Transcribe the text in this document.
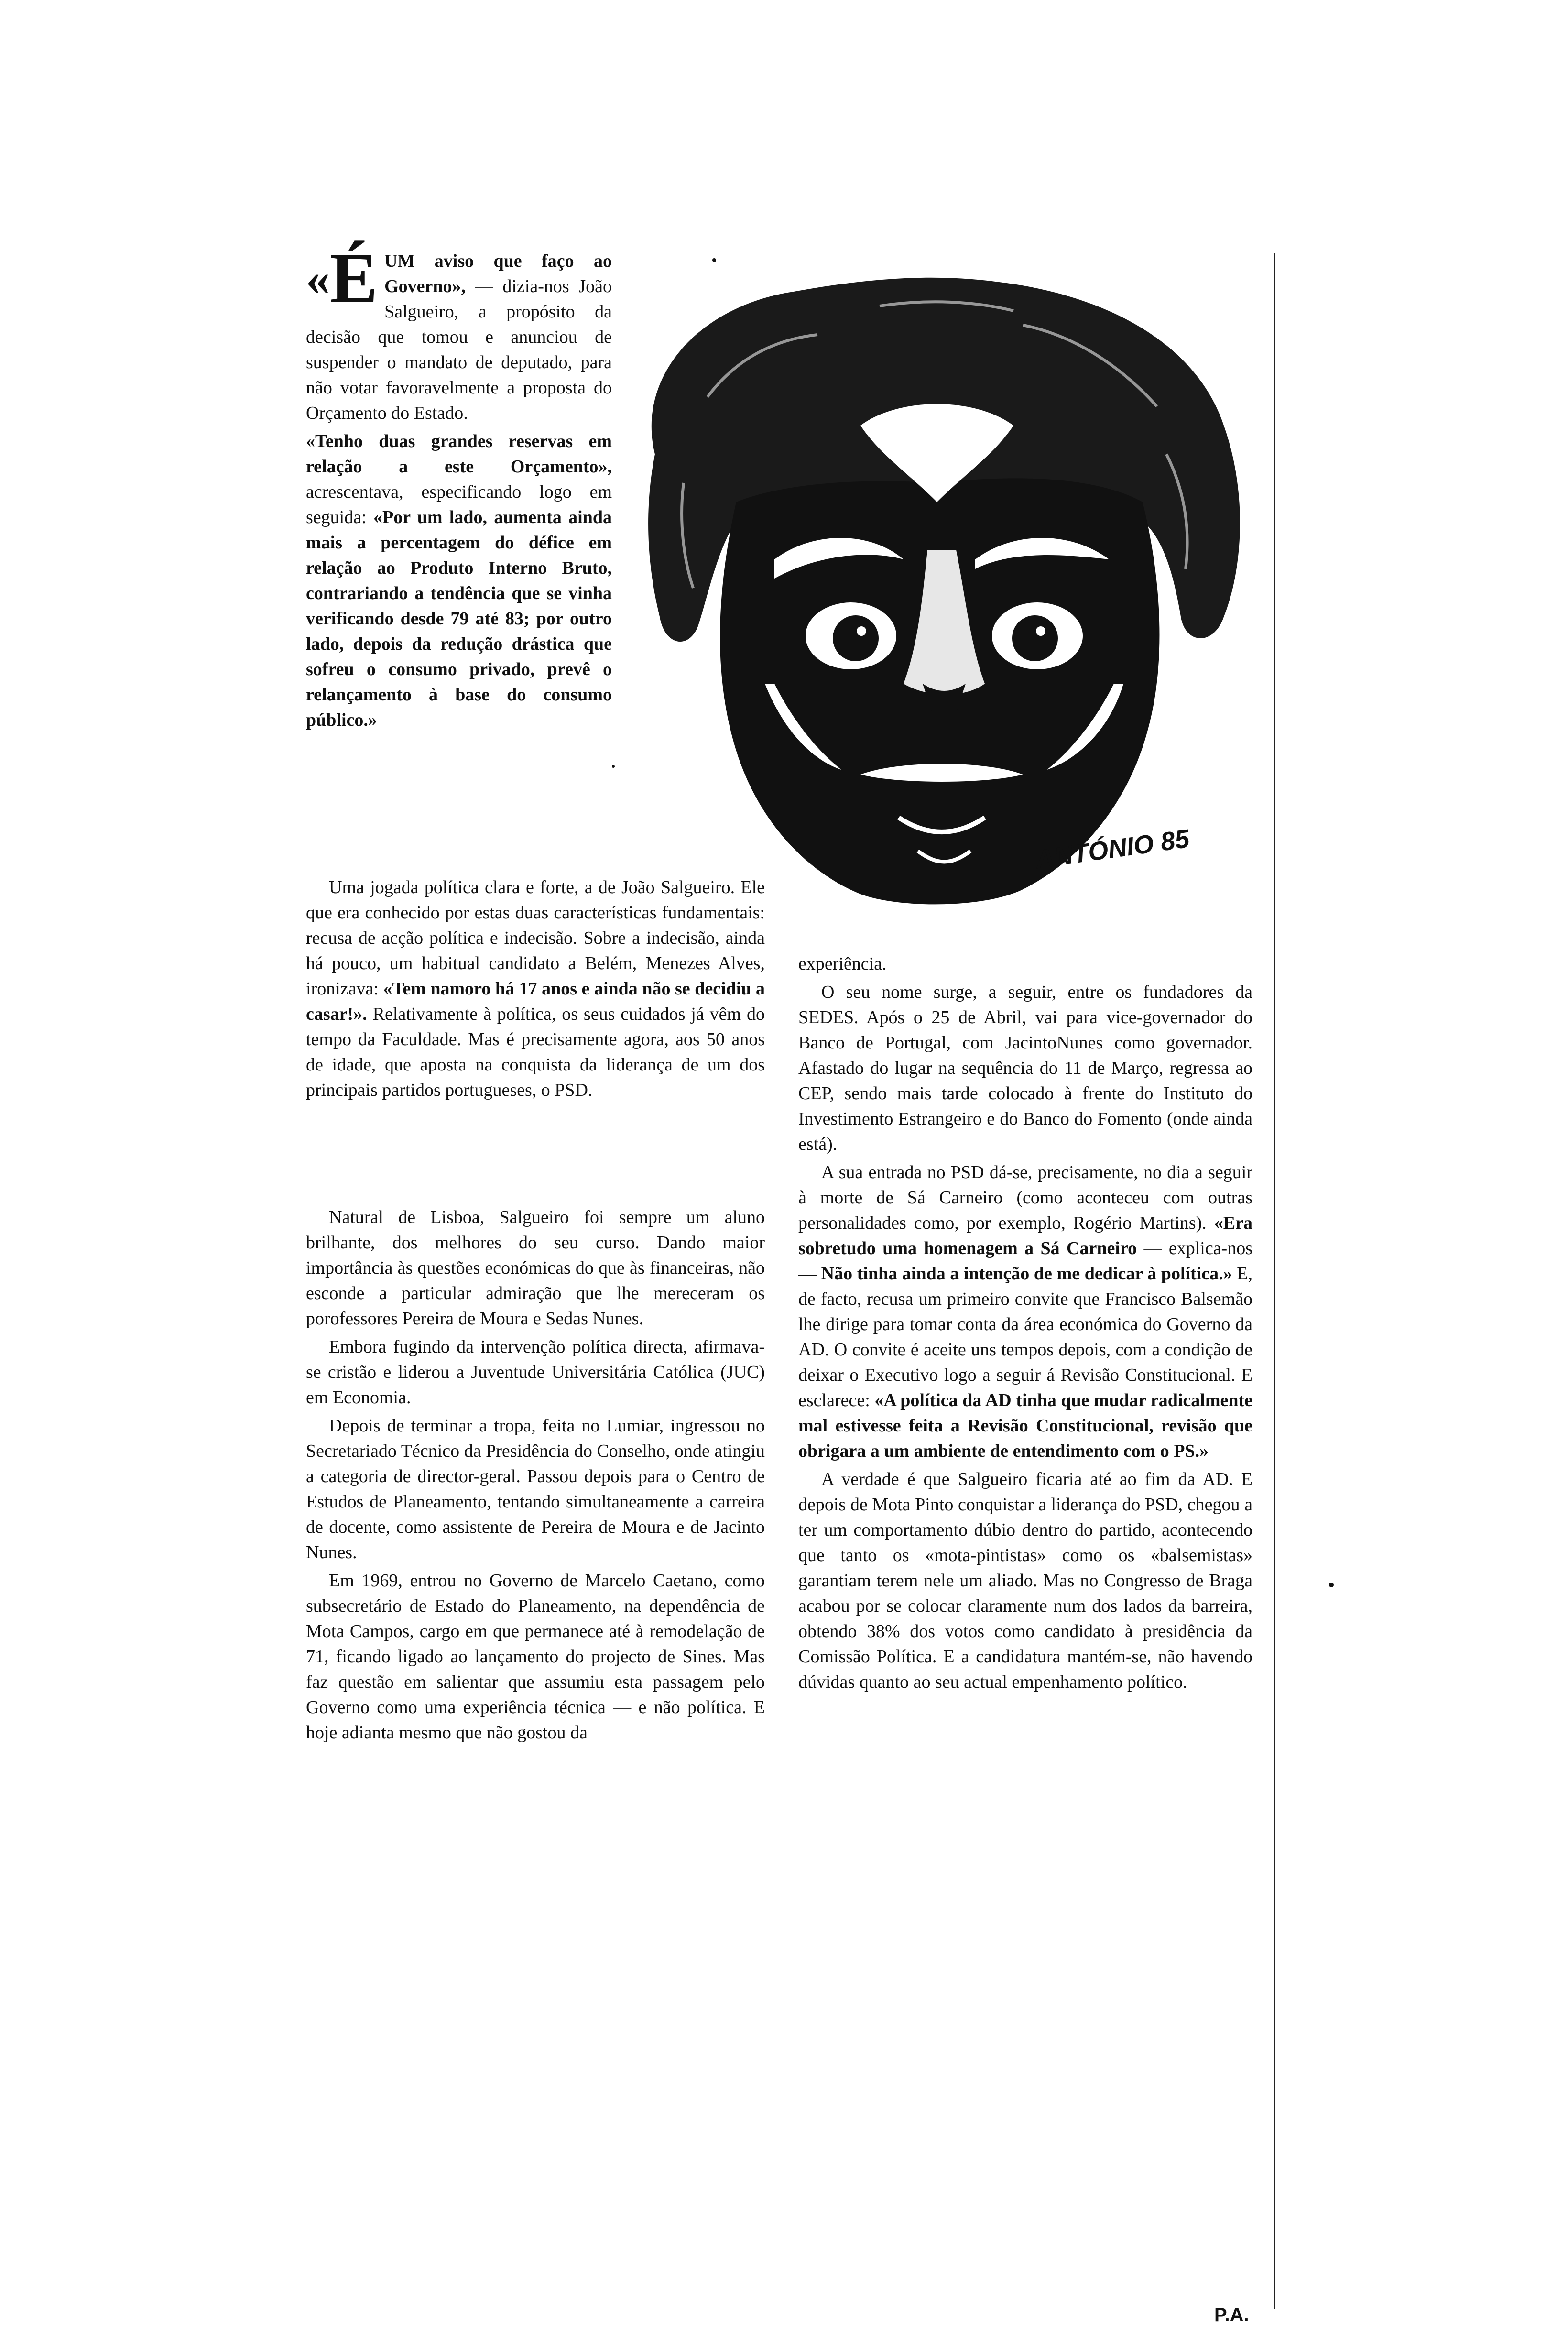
ANTÓNIO 85

« É UM aviso que faço ao Governo», — dizia-nos João Salgueiro, a propósito da decisão que tomou e anunciou de suspender o mandato de deputado, para não votar favoravelmente a proposta do Orçamento do Estado.

«Tenho duas grandes reservas em relação a este Orçamento», acrescentava, especificando logo em seguida: «Por um lado, aumenta ainda mais a percentagem do défice em relação ao Produto Interno Bruto, contrariando a tendência que se vinha verificando desde 79 até 83; por outro lado, depois da redução drástica que sofreu o consumo privado, prevê o relançamento à base do consumo público.»

Uma jogada política clara e forte, a de João Salgueiro. Ele que era conhecido por estas duas características fundamentais: recusa de acção política e indecisão. Sobre a indecisão, ainda há pouco, um habitual candidato a Belém, Menezes Alves, ironizava: «Tem namoro há 17 anos e ainda não se decidiu a casar!». Relativamente à política, os seus cuidados já vêm do tempo da Faculdade. Mas é precisamente agora, aos 50 anos de idade, que aposta na conquista da liderança de um dos principais partidos portugueses, o PSD.

Natural de Lisboa, Salgueiro foi sempre um aluno brilhante, dos melhores do seu curso. Dando maior importância às questões económicas do que às financeiras, não esconde a particular admiração que lhe mereceram os porofessores Pereira de Moura e Sedas Nunes.

Embora fugindo da intervenção política directa, afirmava-se cristão e liderou a Juventude Universitária Católica (JUC) em Economia.

Depois de terminar a tropa, feita no Lumiar, ingressou no Secretariado Técnico da Presidência do Conselho, onde atingiu a categoria de director-geral. Passou depois para o Centro de Estudos de Planeamento, tentando simultaneamente a carreira de docente, como assistente de Pereira de Moura e de Jacinto Nunes.

Em 1969, entrou no Governo de Marcelo Caetano, como subsecretário de Estado do Planeamento, na dependência de Mota Campos, cargo em que permanece até à remodelação de 71, ficando ligado ao lançamento do projecto de Sines. Mas faz questão em salientar que assumiu esta passagem pelo Governo como uma experiência técnica — e não política. E hoje adianta mesmo que não gostou da

experiência.

O seu nome surge, a seguir, entre os fundadores da SEDES. Após o 25 de Abril, vai para vice-governador do Banco de Portugal, com JacintoNunes como governador. Afastado do lugar na sequência do 11 de Março, regressa ao CEP, sendo mais tarde colocado à frente do Instituto do Investimento Estrangeiro e do Banco do Fomento (onde ainda está).

A sua entrada no PSD dá-se, precisamente, no dia a seguir à morte de Sá Carneiro (como aconteceu com outras personalidades como, por exemplo, Rogério Martins). «Era sobretudo uma homenagem a Sá Carneiro — explica-nos — Não tinha ainda a intenção de me dedicar à política.» E, de facto, recusa um primeiro convite que Francisco Balsemão lhe dirige para tomar conta da área económica do Governo da AD. O convite é aceite uns tempos depois, com a condição de deixar o Executivo logo a seguir á Revisão Constitucional. E esclarece: «A política da AD tinha que mudar radicalmente mal estivesse feita a Revisão Constitucional, revisão que obrigara a um ambiente de entendimento com o PS.»

A verdade é que Salgueiro ficaria até ao fim da AD. E depois de Mota Pinto conquistar a liderança do PSD, chegou a ter um comportamento dúbio dentro do partido, acontecendo que tanto os «mota-pintistas» como os «balsemistas» garantiam terem nele um aliado. Mas no Congresso de Braga acabou por se colocar claramente num dos lados da barreira, obtendo 38% dos votos como candidato à presidência da Comissão Política. E a candidatura mantém-se, não havendo dúvidas quanto ao seu actual empenhamento político.

P.A.
